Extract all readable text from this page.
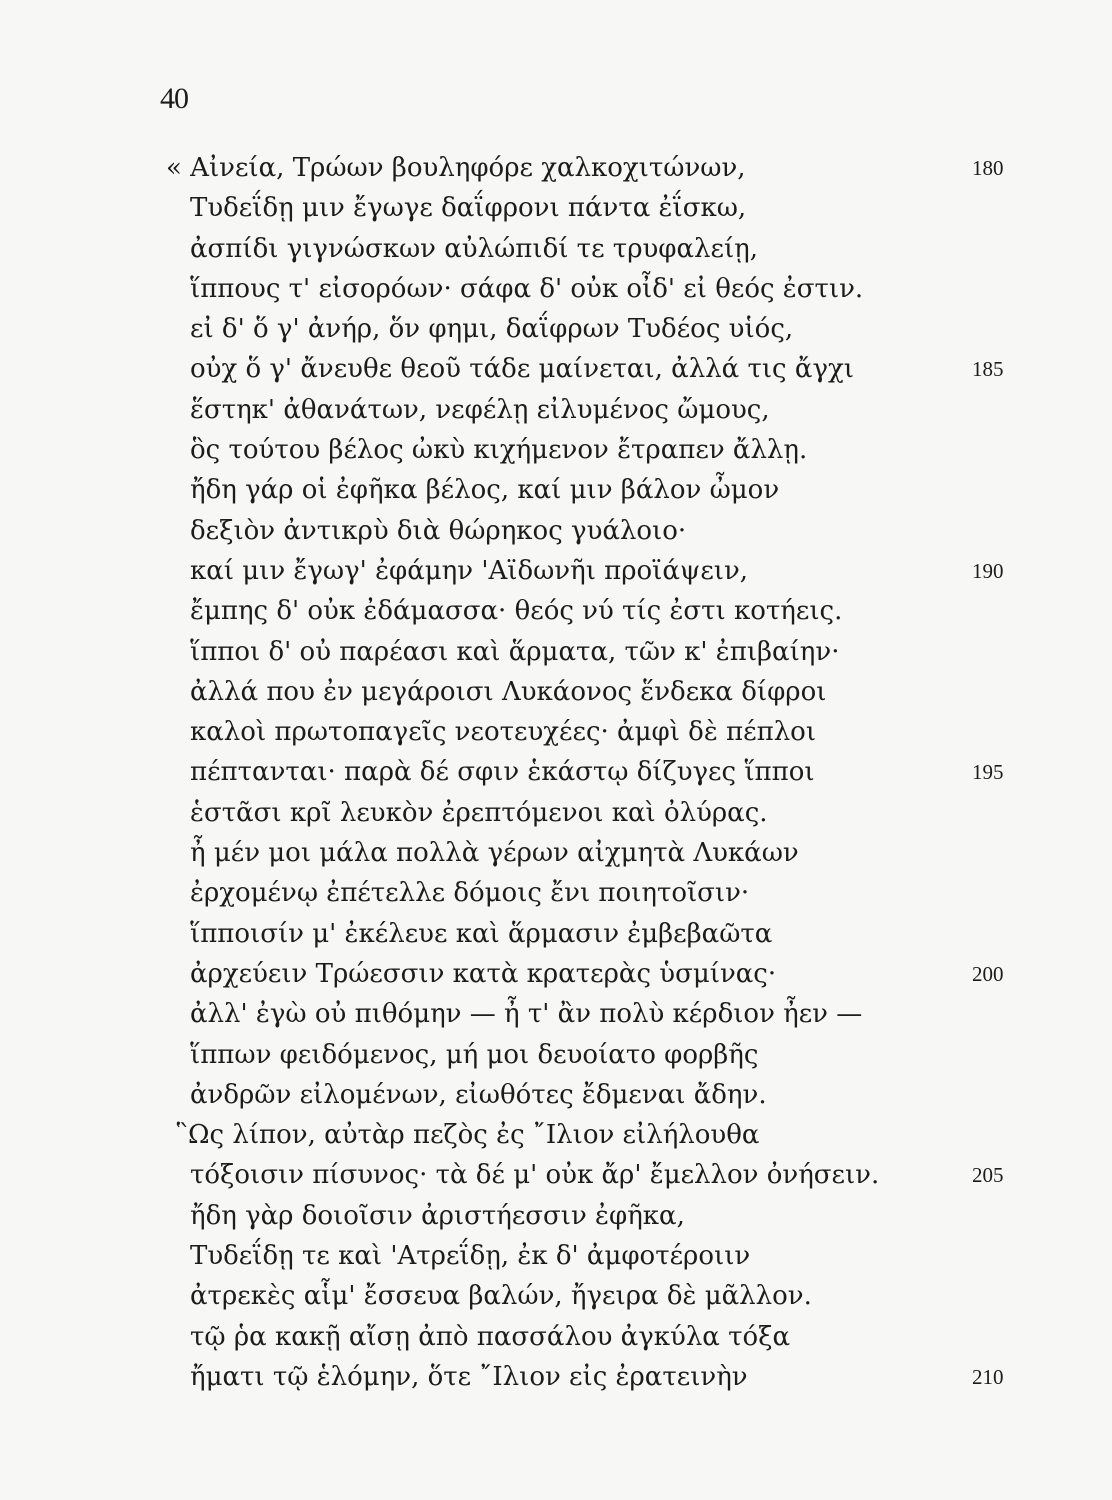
40
« Αἰνεία, Τρώων βουληφόρε χαλκοχιτώνων,	180
Τυδεΐδῃ μιν ἔγωγε δαΐφρονι πάντα ἐΐσκω,
ἀσπίδι γιγνώσκων αὐλώπιδί τε τρυφαλείῃ,
ἵππους τ' εἰσορόων· σάφα δ' οὐκ οἶδ' εἰ θεός ἐστιν.
εἰ δ' ὅ γ' ἀνήρ, ὅν φημι, δαΐφρων Τυδέος υἱός,
οὐχ ὅ γ' ἄνευθε θεοῦ τάδε μαίνεται, ἀλλά τις ἄγχι	185
ἕστηκ' ἀθανάτων, νεφέλῃ εἰλυμένος ὤμους,
ὃς τούτου βέλος ὠκὺ κιχήμενον ἔτραπεν ἄλλῃ.
ἤδη γάρ οἱ ἐφῆκα βέλος, καί μιν βάλον ὦμον
δεξιὸν ἀντικρὺ διὰ θώρηκος γυάλοιο·
καί μιν ἔγωγ' ἐφάμην 'Αϊδωνῆι προϊάψειν,	190
ἔμπης δ' οὐκ ἐδάμασσα· θεός νύ τίς ἐστι κοτήεις.
ἵπποι δ' οὐ παρέασι καὶ ἅρματα, τῶν κ' ἐπιβαίην·
ἀλλά που ἐν μεγάροισι Λυκάονος ἕνδεκα δίφροι
καλοὶ πρωτοπαγεῖς νεοτευχέες· ἀμφὶ δὲ πέπλοι
πέπτανται· παρὰ δέ σφιν ἑκάστῳ δίζυγες ἵπποι	195
ἑστᾶσι κρῖ λευκὸν ἐρεπτόμενοι καὶ ὀλύρας.
ἦ μέν μοι μάλα πολλὰ γέρων αἰχμητὰ Λυκάων
ἐρχομένῳ ἐπέτελλε δόμοις ἔνι ποιητοῖσιν·
ἵπποισίν μ' ἐκέλευε καὶ ἅρμασιν ἐμβεβαῶτα
ἀρχεύειν Τρώεσσιν κατὰ κρατερὰς ὑσμίνας·	200
ἀλλ' ἐγὼ οὐ πιθόμην — ἦ τ' ἂν πολὺ κέρδιον ἦεν —
ἵππων φειδόμενος, μή μοι δευοίατο φορβῆς
ἀνδρῶν εἰλομένων, εἰωθότες ἔδμεναι ἄδην.
῝Ως λίπον, αὐτὰρ πεζὸς ἐς ῎Ιλιον εἰλήλουθα
τόξοισιν πίσυνος· τὰ δέ μ' οὐκ ἄρ' ἔμελλον ὀνήσειν.	205
ἤδη γὰρ δοιοῖσιν ἀριστήεσσιν ἐφῆκα,
Τυδεΐδῃ τε καὶ 'Ατρεΐδῃ, ἐκ δ' ἀμφοτέροιιν
ἀτρεκὲς αἷμ' ἔσσευα βαλών, ἤγειρα δὲ μᾶλλον.
τῷ ῥα κακῇ αἴσῃ ἀπὸ πασσάλου ἀγκύλα τόξα
ἤματι τῷ ἑλόμην, ὅτε ῎Ιλιον εἰς ἐρατεινὴν	210
